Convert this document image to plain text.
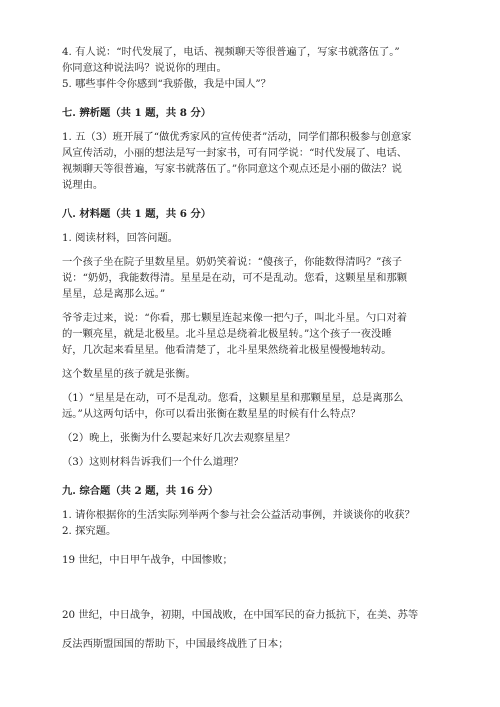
4. 有人说：“时代发展了，电话、视频聊天等很普遍了，写家书就落伍了。”
你同意这种说法吗？说说你的理由。
5. 哪些事件令你感到“我骄傲，我是中国人”？
七. 辨析题（共 1 题，共 8 分）
1. 五（3）班开展了“做优秀家风的宣传使者”活动，同学们都积极参与创意家
风宣传活动，小丽的想法是写一封家书，可有同学说：“时代发展了、电话、
视频聊天等很普遍，写家书就落伍了。”你同意这个观点还是小丽的做法？说
说理由。
八. 材料题（共 1 题，共 6 分）
1. 阅读材料，回答问题。
一个孩子坐在院子里数星星。奶奶笑着说：“傻孩子，你能数得清吗？”孩子
说：“奶奶，我能数得清。星星是在动，可不是乱动。您看，这颗星星和那颗
星星，总是离那么远。”
爷爷走过来，说：“你看，那七颗星连起来像一把勺子，叫北斗星。勺口对着
的一颗亮星，就是北极星。北斗星总是绕着北极星转。”这个孩子一夜没睡
好，几次起来看星星。他看清楚了，北斗星果然绕着北极星慢慢地转动。
这个数星星的孩子就是张衡。
（1）“星星是在动，可不是乱动。您看，这颗星星和那颗星星，总是离那么
远。”从这两句话中，你可以看出张衡在数星星的时候有什么特点？
（2）晚上，张衡为什么要起来好几次去观察星星？
（3）这则材料告诉我们一个什么道理？
九. 综合题（共 2 题，共 16 分）
1. 请你根据你的生活实际列举两个参与社会公益活动事例，并谈谈你的收获？
2. 探究题。
19 世纪，中日甲午战争，中国惨败；
20 世纪，中日战争，初期，中国战败，在中国军民的奋力抵抗下，在美、苏等
反法西斯盟国国的帮助下，中国最终战胜了日本；
